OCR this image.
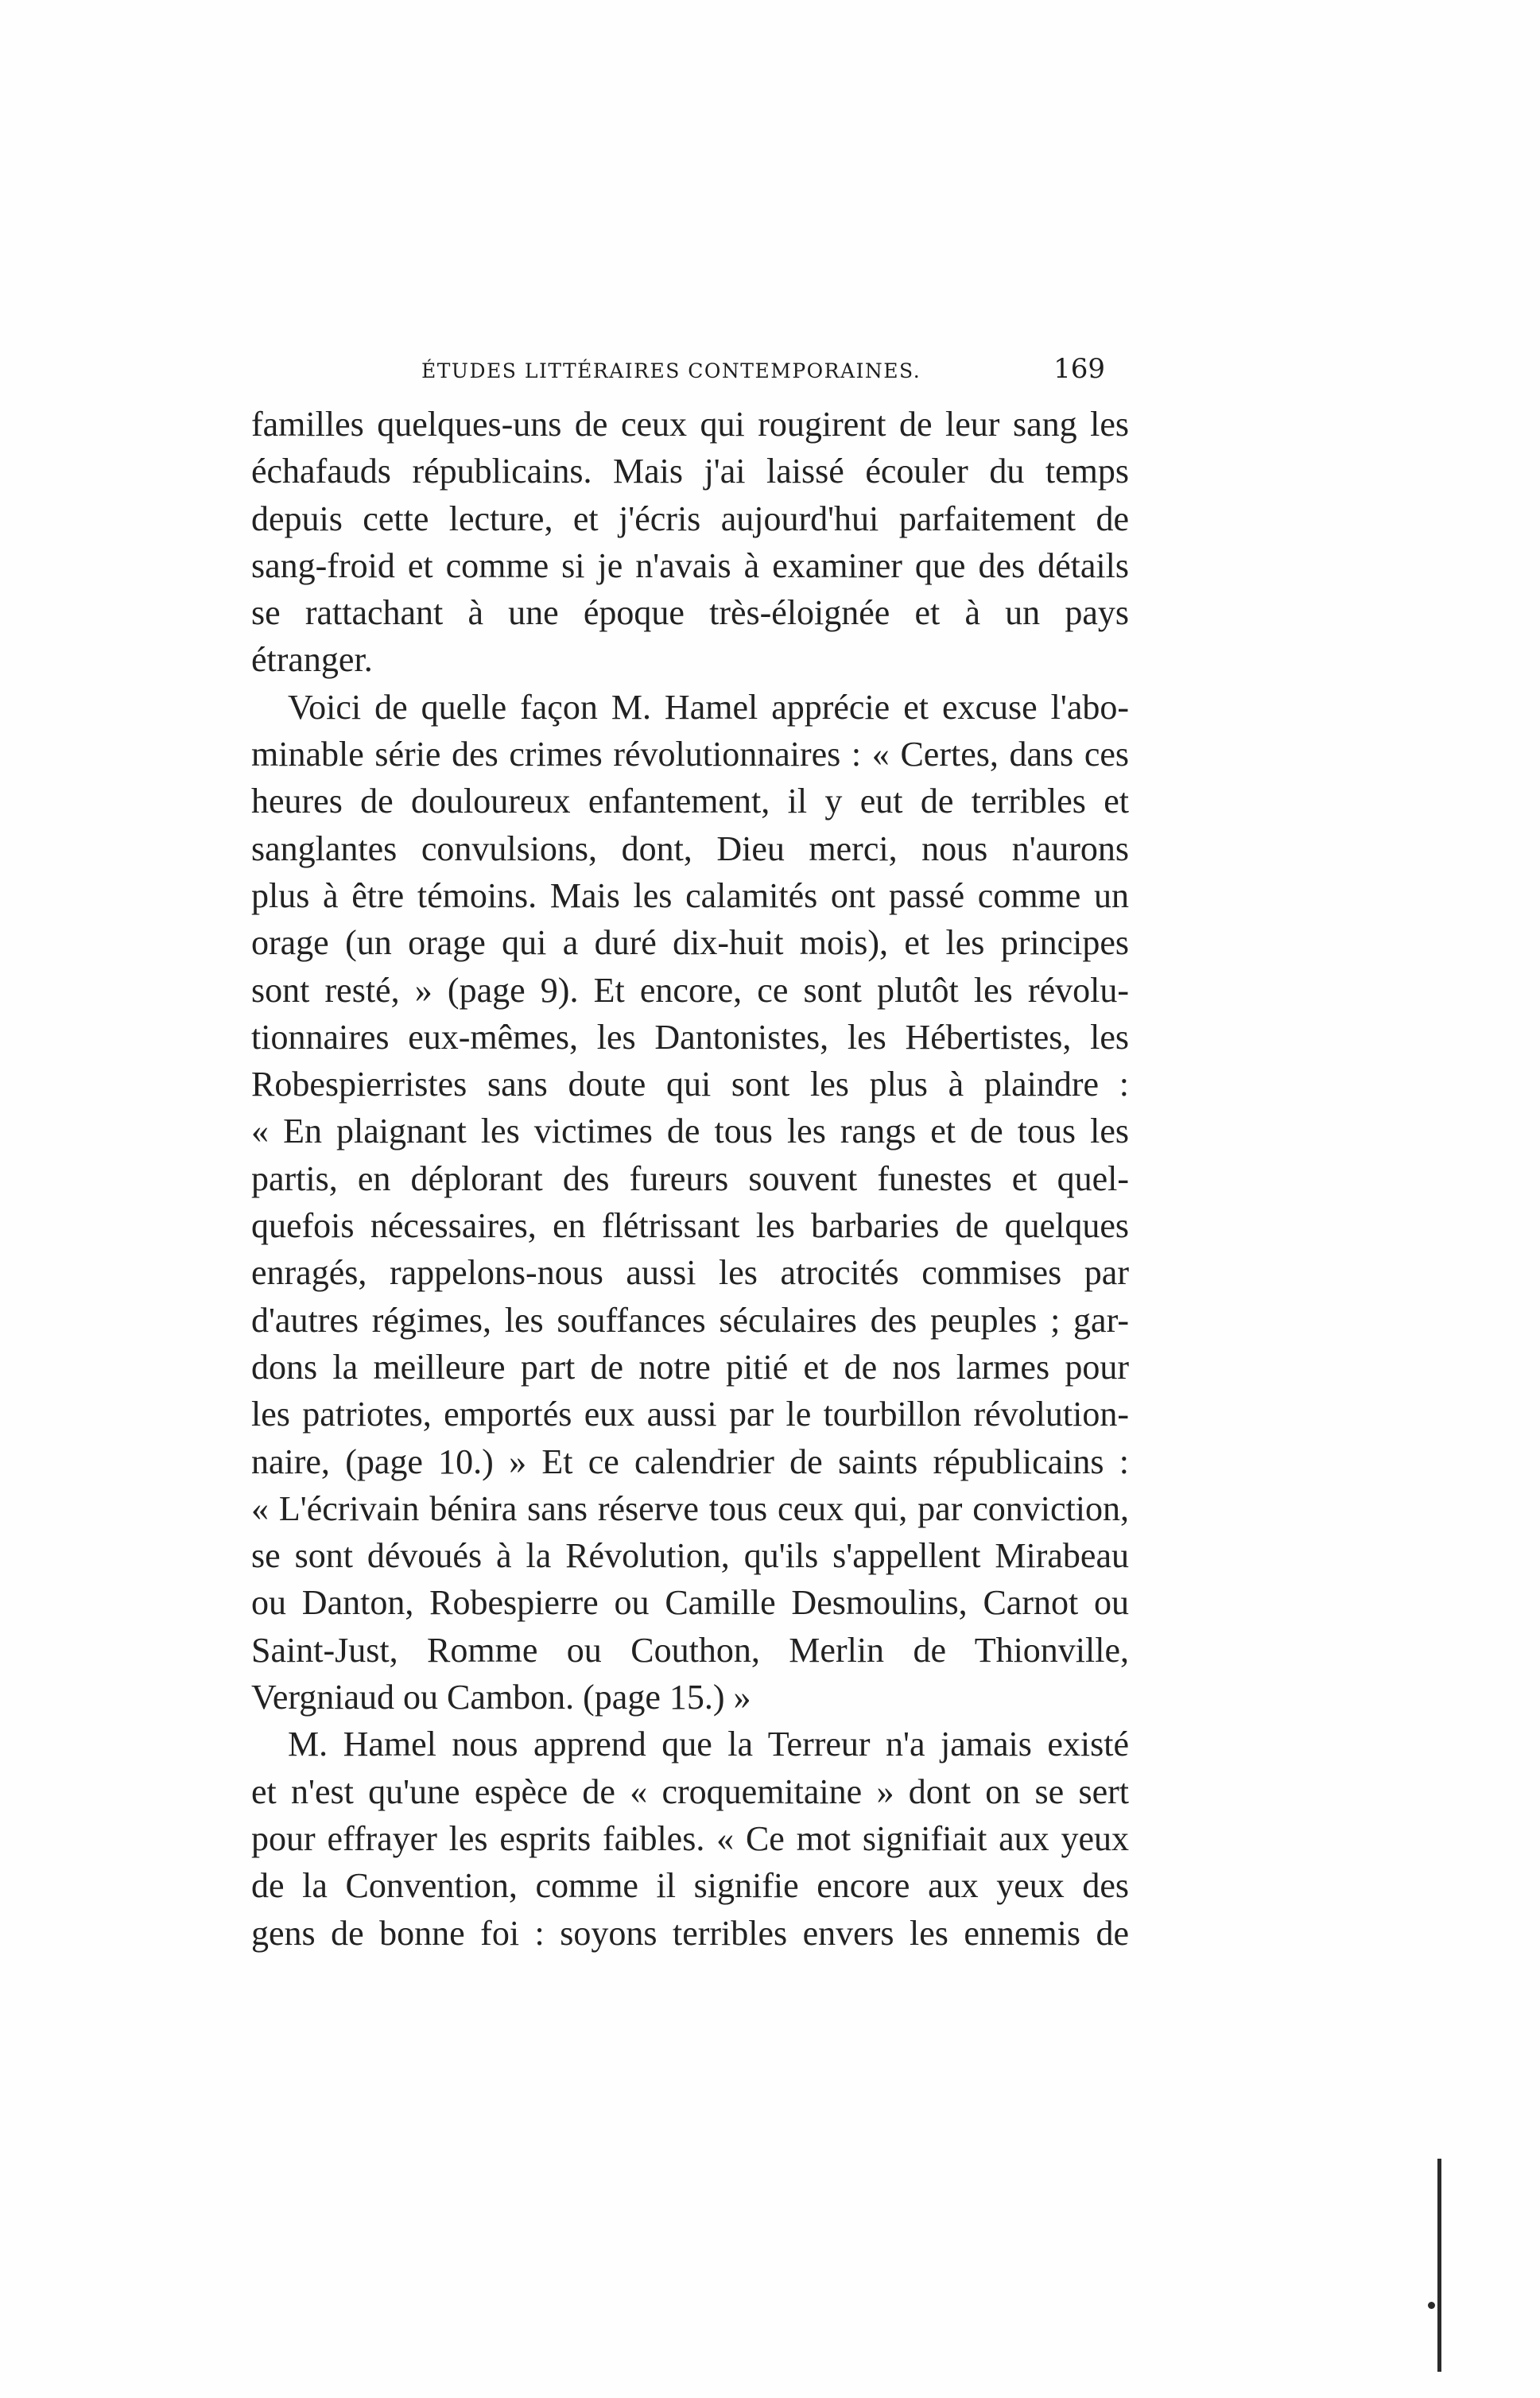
ÉTUDES LITTÉRAIRES CONTEMPORAINES.	169
familles quelques-uns de ceux qui rougirent de leur sang les
échafauds républicains. Mais j'ai laissé écouler du temps
depuis cette lecture, et j'écris aujourd'hui parfaitement de
sang-froid et comme si je n'avais à examiner que des détails
se rattachant à une époque très-éloignée et à un pays
étranger.
Voici de quelle façon M. Hamel apprécie et excuse l'abo-
minable série des crimes révolutionnaires : « Certes, dans ces
heures de douloureux enfantement, il y eut de terribles et
sanglantes convulsions, dont, Dieu merci, nous n'aurons
plus à être témoins. Mais les calamités ont passé comme un
orage (un orage qui a duré dix-huit mois), et les principes
sont resté, » (page 9). Et encore, ce sont plutôt les révolu-
tionnaires eux-mêmes, les Dantonistes, les Hébertistes, les
Robespierristes sans doute qui sont les plus à plaindre :
« En plaignant les victimes de tous les rangs et de tous les
partis, en déplorant des fureurs souvent funestes et quel-
quefois nécessaires, en flétrissant les barbaries de quelques
enragés, rappelons-nous aussi les atrocités commises par
d'autres régimes, les souffances séculaires des peuples ; gar-
dons la meilleure part de notre pitié et de nos larmes pour
les patriotes, emportés eux aussi par le tourbillon révolution-
naire, (page 10.) » Et ce calendrier de saints républicains :
« L'écrivain bénira sans réserve tous ceux qui, par conviction,
se sont dévoués à la Révolution, qu'ils s'appellent Mirabeau
ou Danton, Robespierre ou Camille Desmoulins, Carnot ou
Saint-Just, Romme ou Couthon, Merlin de Thionville,
Vergniaud ou Cambon. (page 15.) »
M. Hamel nous apprend que la Terreur n'a jamais existé
et n'est qu'une espèce de « croquemitaine » dont on se sert
pour effrayer les esprits faibles. « Ce mot signifiait aux yeux
de la Convention, comme il signifie encore aux yeux des
gens de bonne foi : soyons terribles envers les ennemis de
